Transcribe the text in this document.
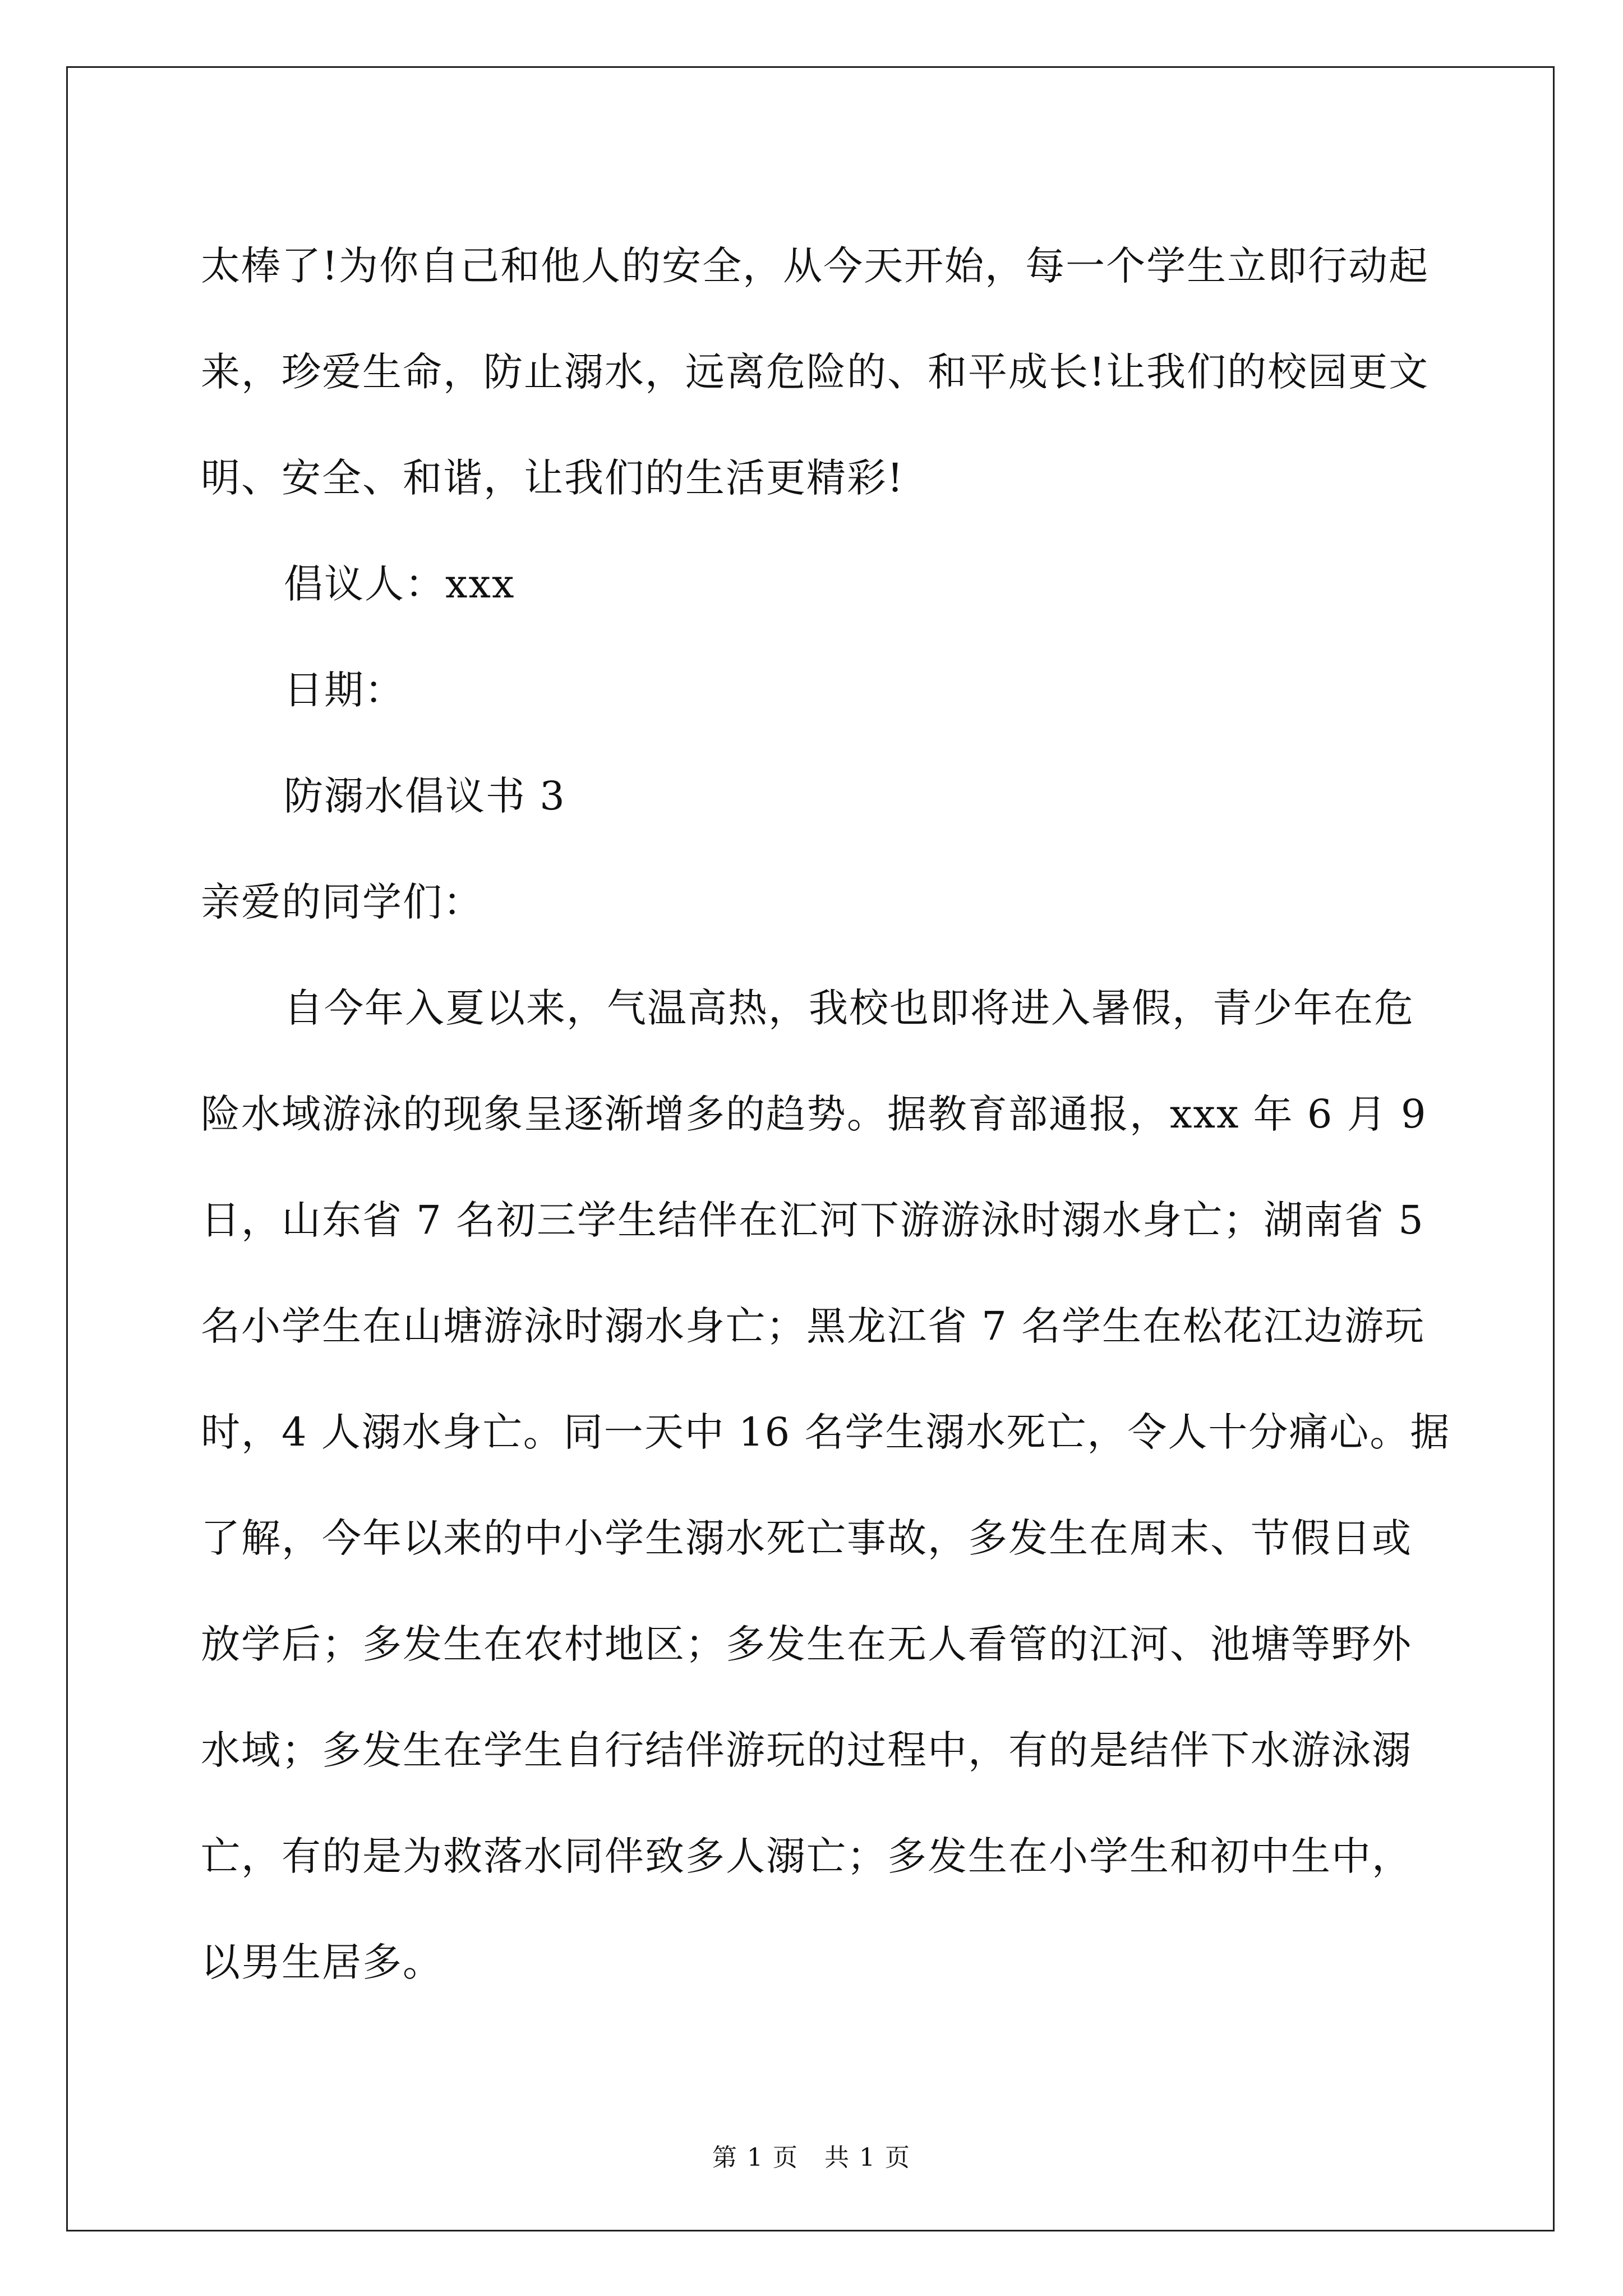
太棒了!为你自己和他人的安全，从今天开始，每一个学生立即行动起
来，珍爱生命，防止溺水，远离危险的、和平成长!让我们的校园更文
明、安全、和谐，让我们的生活更精彩!
倡议人：xxx
日期：
防溺水倡议书 3
亲爱的同学们：
自今年入夏以来，气温高热，我校也即将进入暑假，青少年在危
险水域游泳的现象呈逐渐增多的趋势。据教育部通报，xxx 年 6 月 9
日，山东省 7 名初三学生结伴在汇河下游游泳时溺水身亡；湖南省 5
名小学生在山塘游泳时溺水身亡；黑龙江省 7 名学生在松花江边游玩
时，4 人溺水身亡。同一天中 16 名学生溺水死亡，令人十分痛心。据
了解，今年以来的中小学生溺水死亡事故，多发生在周末、节假日或
放学后；多发生在农村地区；多发生在无人看管的江河、池塘等野外
水域；多发生在学生自行结伴游玩的过程中，有的是结伴下水游泳溺
亡，有的是为救落水同伴致多人溺亡；多发生在小学生和初中生中，
以男生居多。
第 1 页　共 1 页
